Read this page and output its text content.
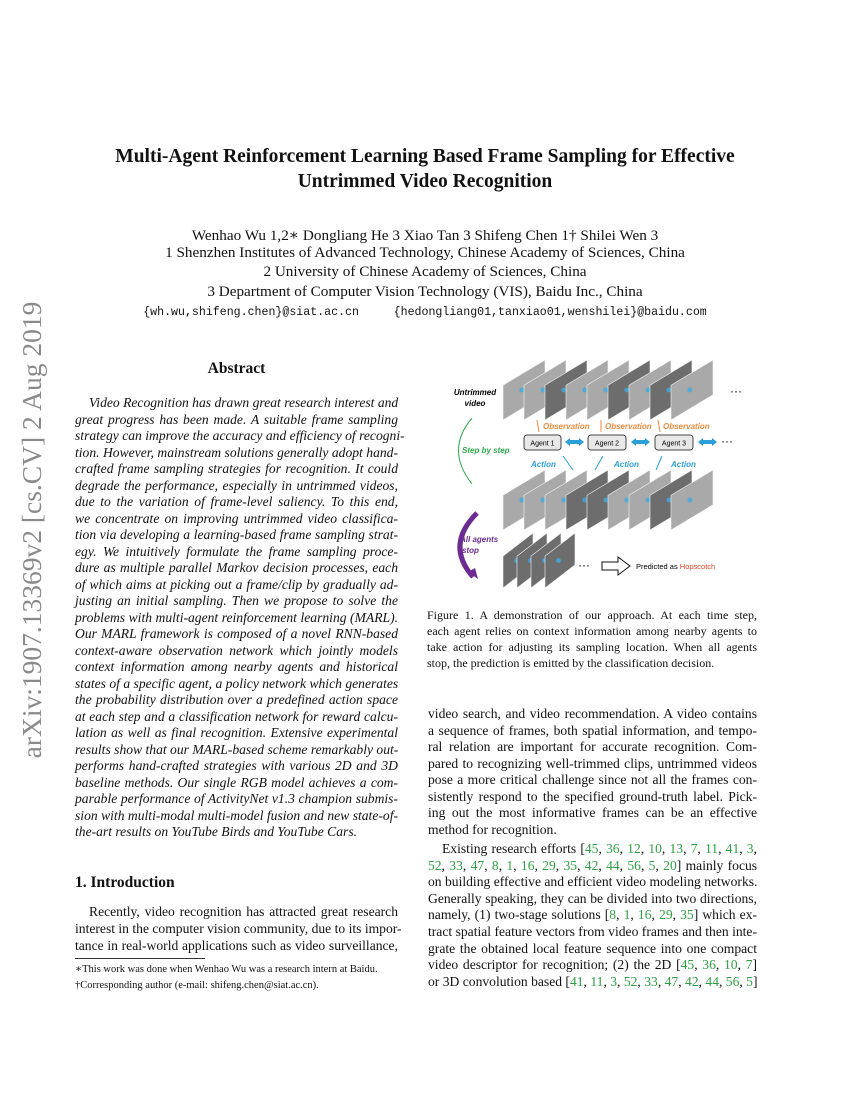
arXiv:1907.13369v2 [cs.CV] 2 Aug 2019
Multi-Agent Reinforcement Learning Based Frame Sampling for Effective
Untrimmed Video Recognition
Wenhao Wu 1,2∗ Dongliang He 3 Xiao Tan 3 Shifeng Chen 1† Shilei Wen 3
1 Shenzhen Institutes of Advanced Technology, Chinese Academy of Sciences, China
2 University of Chinese Academy of Sciences, China
3 Department of Computer Vision Technology (VIS), Baidu Inc., China
{wh.wu,shifeng.chen}@siat.ac.cn     {hedongliang01,tanxiao01,wenshilei}@baidu.com
Abstract
Video Recognition has drawn great research interest and
great progress has been made. A suitable frame sampling
strategy can improve the accuracy and efficiency of recogni-
tion. However, mainstream solutions generally adopt hand-
crafted frame sampling strategies for recognition. It could
degrade the performance, especially in untrimmed videos,
due to the variation of frame-level saliency. To this end,
we concentrate on improving untrimmed video classifica-
tion via developing a learning-based frame sampling strat-
egy. We intuitively formulate the frame sampling proce-
dure as multiple parallel Markov decision processes, each
of which aims at picking out a frame/clip by gradually ad-
justing an initial sampling. Then we propose to solve the
problems with multi-agent reinforcement learning (MARL).
Our MARL framework is composed of a novel RNN-based
context-aware observation network which jointly models
context information among nearby agents and historical
states of a specific agent, a policy network which generates
the probability distribution over a predefined action space
at each step and a classification network for reward calcu-
lation as well as final recognition. Extensive experimental
results show that our MARL-based scheme remarkably out-
performs hand-crafted strategies with various 2D and 3D
baseline methods. Our single RGB model achieves a com-
parable performance of ActivityNet v1.3 champion submis-
sion with multi-modal multi-model fusion and new state-of-
the-art results on YouTube Birds and YouTube Cars.
1. Introduction
Recently, video recognition has attracted great research
interest in the computer vision community, due to its impor-
tance in real-world applications such as video surveillance,
∗This work was done when Wenhao Wu was a research intern at Baidu.
†Corresponding author (e-mail: shifeng.chen@siat.ac.cn).
Untrimmed
video
···
Observation Observation Observation
Agent 1	Agent 2	Agent 3	···
Action	Action	Action
Step by step
All agents
stop
···	Predicted as Hopscotch
Figure 1. A demonstration of our approach. At each time step,
each agent relies on context information among nearby agents to
take action for adjusting its sampling location. When all agents
stop, the prediction is emitted by the classification decision.
video search, and video recommendation. A video contains
a sequence of frames, both spatial information, and tempo-
ral relation are important for accurate recognition. Com-
pared to recognizing well-trimmed clips, untrimmed videos
pose a more critical challenge since not all the frames con-
sistently respond to the specified ground-truth label. Pick-
ing out the most informative frames can be an effective
method for recognition.
Existing research efforts [45, 36, 12, 10, 13, 7, 11, 41, 3,
52, 33, 47, 8, 1, 16, 29, 35, 42, 44, 56, 5, 20] mainly focus
on building effective and efficient video modeling networks.
Generally speaking, they can be divided into two directions,
namely, (1) two-stage solutions [8, 1, 16, 29, 35] which ex-
tract spatial feature vectors from video frames and then inte-
grate the obtained local feature sequence into one compact
video descriptor for recognition; (2) the 2D [45, 36, 10, 7]
or 3D convolution based [41, 11, 3, 52, 33, 47, 42, 44, 56, 5]
